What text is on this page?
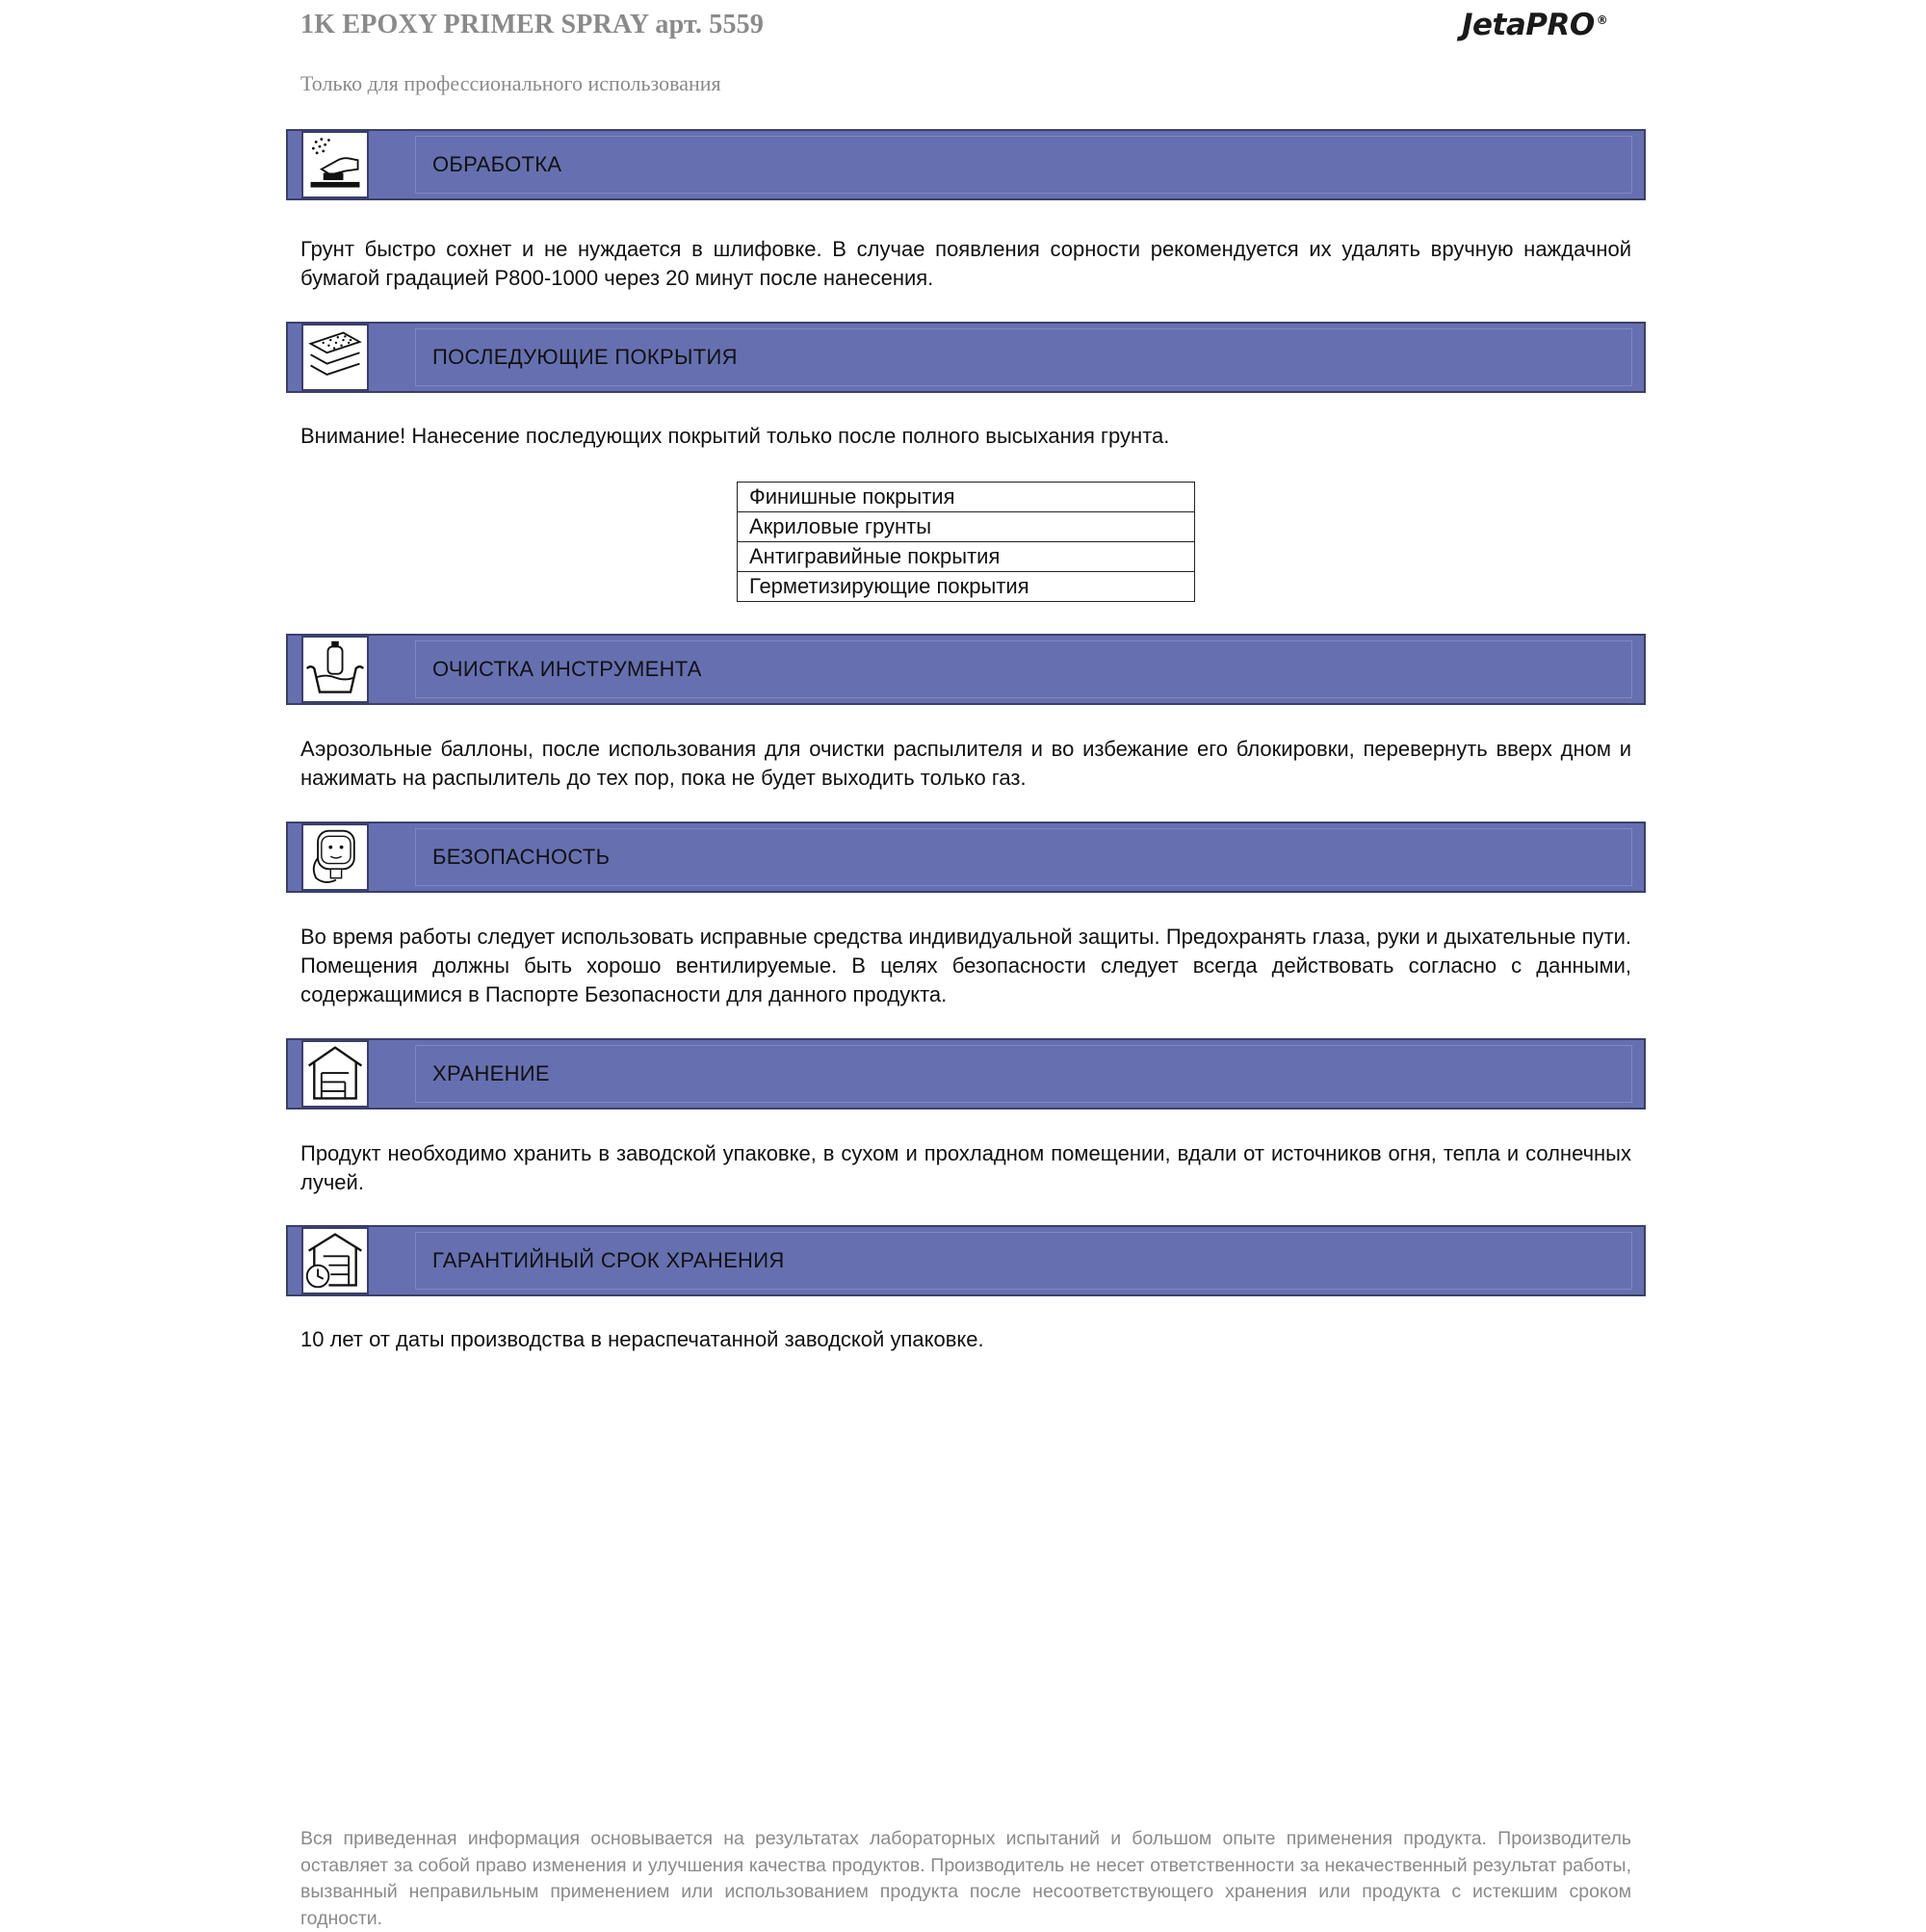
1K EPOXY PRIMER SPRAY арт. 5559
Только для профессионального использования
JetaPRO ®
ОБРАБОТКА
Грунт быстро сохнет и не нуждается в шлифовке. В случае появления сорности рекомендуется их удалять вручную наждачной бумагой градацией P800-1000 через 20 минут после нанесения.
ПОСЛЕДУЮЩИЕ ПОКРЫТИЯ
Внимание! Нанесение последующих покрытий только после полного высыхания грунта.
Финишные покрытия
Акриловые грунты
Антигравийные покрытия
Герметизирующие покрытия
ОЧИСТКА ИНСТРУМЕНТА
Аэрозольные баллоны, после использования для очистки распылителя и во избежание его блокировки, перевернуть вверх дном и нажимать на распылитель до тех пор, пока не будет выходить только газ.
БЕЗОПАСНОСТЬ
Во время работы следует использовать исправные средства индивидуальной защиты. Предохранять глаза, руки и дыхательные пути. Помещения должны быть хорошо вентилируемые. В целях безопасности следует всегда действовать согласно с данными, содержащимися в Паспорте Безопасности для данного продукта.
ХРАНЕНИЕ
Продукт необходимо хранить в заводской упаковке, в сухом и прохладном помещении, вдали от источников огня, тепла и солнечных лучей.
ГАРАНТИЙНЫЙ СРОК ХРАНЕНИЯ
10 лет от даты производства в нераспечатанной заводской упаковке.
Вся приведенная информация основывается на результатах лабораторных испытаний и большом опыте применения продукта. Производитель оставляет за собой право изменения и улучшения качества продуктов. Производитель не несет ответственности за некачественный результат работы, вызванный неправильным применением или использованием продукта после несоответствующего хранения или продукта с истекшим сроком годности.
